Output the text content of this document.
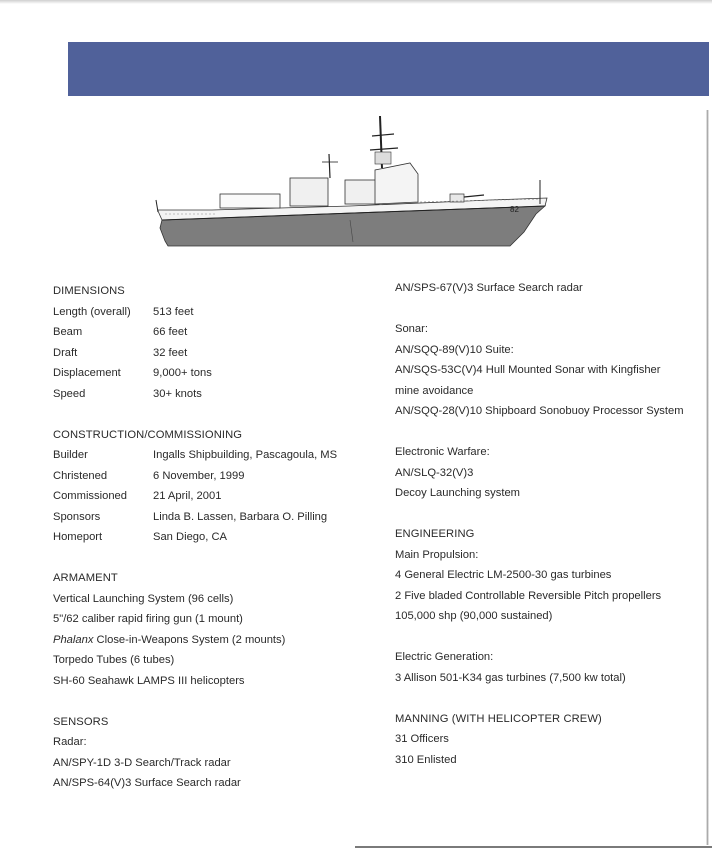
82
DIMENSIONS
Length (overall)	513 feet
Beam	66 feet
Draft	32 feet
Displacement	9,000+ tons
Speed	30+ knots
CONSTRUCTION/COMMISSIONING
Builder	Ingalls Shipbuilding, Pascagoula, MS
Christened	6 November, 1999
Commissioned	21 April, 2001
Sponsors	Linda B. Lassen, Barbara O. Pilling
Homeport	San Diego, CA
ARMAMENT
Vertical Launching System (96 cells)
5"/62 caliber rapid firing gun (1 mount)
Phalanx Close-in-Weapons System (2 mounts)
Torpedo Tubes (6 tubes)
SH-60 Seahawk LAMPS III helicopters
SENSORS
Radar:
AN/SPY-1D 3-D Search/Track radar
AN/SPS-64(V)3 Surface Search radar
AN/SPS-67(V)3 Surface Search radar
Sonar:
AN/SQQ-89(V)10 Suite:
AN/SQS-53C(V)4 Hull Mounted Sonar with Kingfisher
mine avoidance
AN/SQQ-28(V)10 Shipboard Sonobuoy Processor System
Electronic Warfare:
AN/SLQ-32(V)3
Decoy Launching system
ENGINEERING
Main Propulsion:
4 General Electric LM-2500-30 gas turbines
2 Five bladed Controllable Reversible Pitch propellers
105,000 shp (90,000 sustained)
Electric Generation:
3 Allison 501-K34 gas turbines (7,500 kw total)
MANNING (WITH HELICOPTER CREW)
31 Officers
310 Enlisted
